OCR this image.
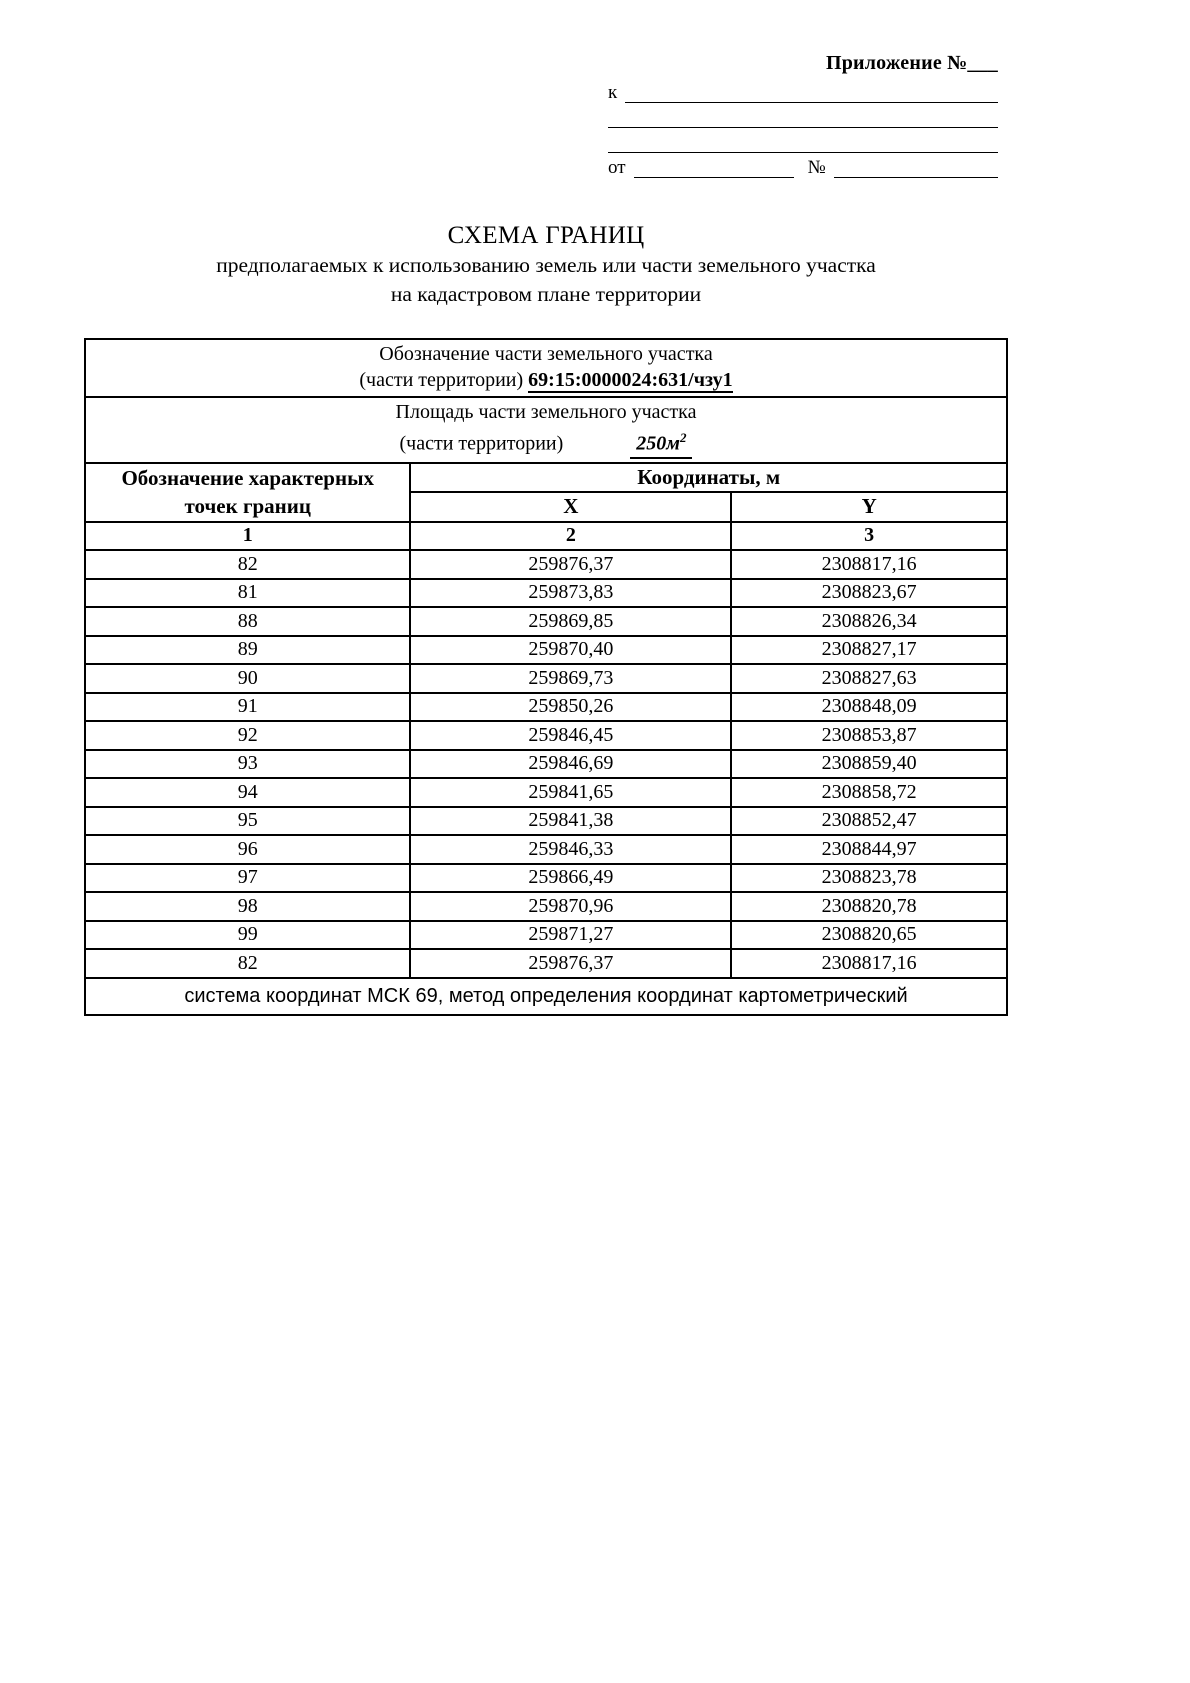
Приложение №___
к
от	№
СХЕМА ГРАНИЦ
предполагаемых к использованию земель или части земельного участка
на кадастровом плане территории
Обозначение части земельного участка
(части территории) 69:15:0000024:631/чзу1		

Площадь части земельного участка
(части территории) $250м^2$

Обозначение характерных
точек границ	Координаты, м	
	X	Y
1	2	3
82	259876,37	2308817,16
81	259873,83	2308823,67
88	259869,85	2308826,34
89	259870,40	2308827,17
90	259869,73	2308827,63
91	259850,26	2308848,09
92	259846,45	2308853,87
93	259846,69	2308859,40
94	259841,65	2308858,72
95	259841,38	2308852,47
96	259846,33	2308844,97
97	259866,49	2308823,78
98	259870,96	2308820,78
99	259871,27	2308820,65
82	259876,37	2308817,16
система координат МСК 69, метод определения координат картометрический		
